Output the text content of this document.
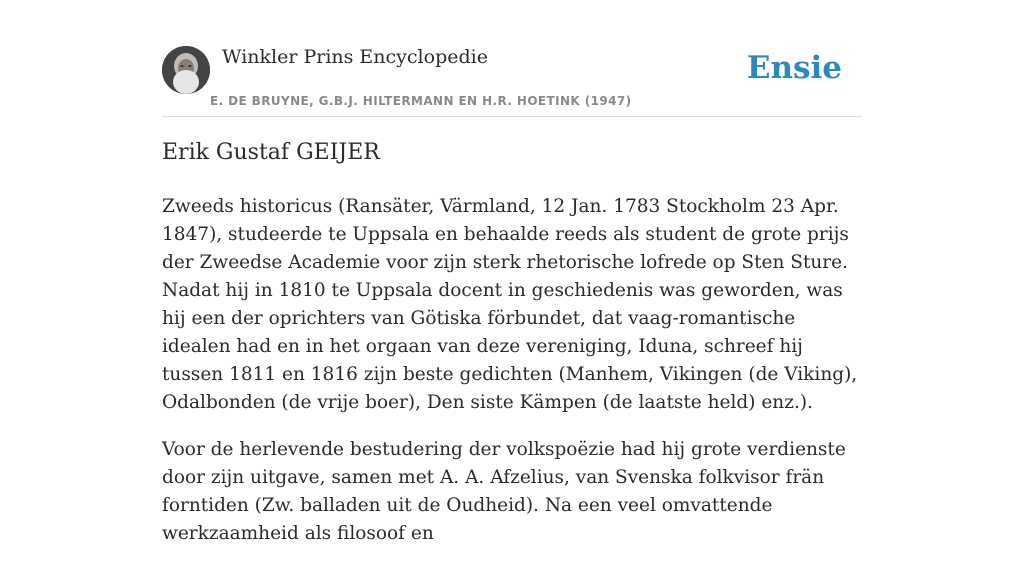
Winkler Prins Encyclopedie
E. DE BRUYNE, G.B.J. HILTERMANN EN H.R. HOETINK (1947)
Ensie
Erik Gustaf GEIJER

Zweeds historicus (Ransäter, Värmland, 12 Jan. 1783 Stockholm 23 Apr. 1847), studeerde te Uppsala en behaalde reeds als student de grote prijs der Zweedse Academie voor zijn sterk rhetorische lofrede op Sten Sture. Nadat hij in 1810 te Uppsala docent in geschiedenis was geworden, was hij een der oprichters van Götiska förbundet, dat vaag-romantische idealen had en in het orgaan van deze vereniging, Iduna, schreef hij tussen 1811 en 1816 zijn beste gedichten (Manhem, Vikingen (de Viking), Odalbonden (de vrije boer), Den siste Kämpen (de laatste held) enz.).

Voor de herlevende bestudering der volkspoëzie had hij grote verdienste door zijn uitgave, samen met A. A. Afzelius, van Svenska folkvisor frän forntiden (Zw. balladen uit de Oudheid). Na een veel omvattende werkzaamheid als filosoof en
